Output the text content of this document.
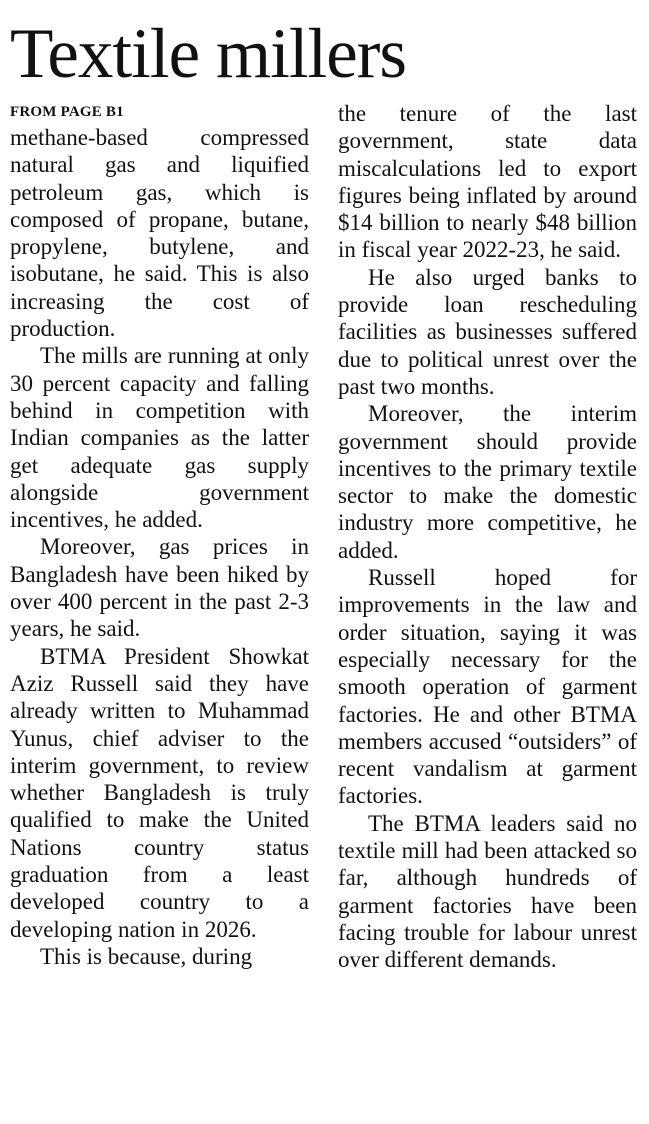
Textile millers

FROM PAGE B1

methane-based compressed natural gas and liquified petroleum gas, which is composed of propane, butane, propylene, butylene, and isobutane, he said. This is also increasing the cost of production.

The mills are running at only 30 percent capacity and falling behind in competition with Indian companies as the latter get adequate gas supply alongside government incentives, he added.

Moreover, gas prices in Bangladesh have been hiked by over 400 percent in the past 2-3 years, he said.

BTMA President Showkat Aziz Russell said they have already written to Muhammad Yunus, chief adviser to the interim government, to review whether Bangladesh is truly qualified to make the United Nations country status graduation from a least developed country to a developing nation in 2026.

This is because, during

the tenure of the last government, state data miscalculations led to export figures being inflated by around $14 billion to nearly $48 billion in fiscal year 2022-23, he said.

He also urged banks to provide loan rescheduling facilities as businesses suffered due to political unrest over the past two months.

Moreover, the interim government should provide incentives to the primary textile sector to make the domestic industry more competitive, he added.

Russell hoped for improvements in the law and order situation, saying it was especially necessary for the smooth operation of garment factories. He and other BTMA members accused “outsiders” of recent vandalism at garment factories.

The BTMA leaders said no textile mill had been attacked so far, although hundreds of garment factories have been facing trouble for labour unrest over different demands.
